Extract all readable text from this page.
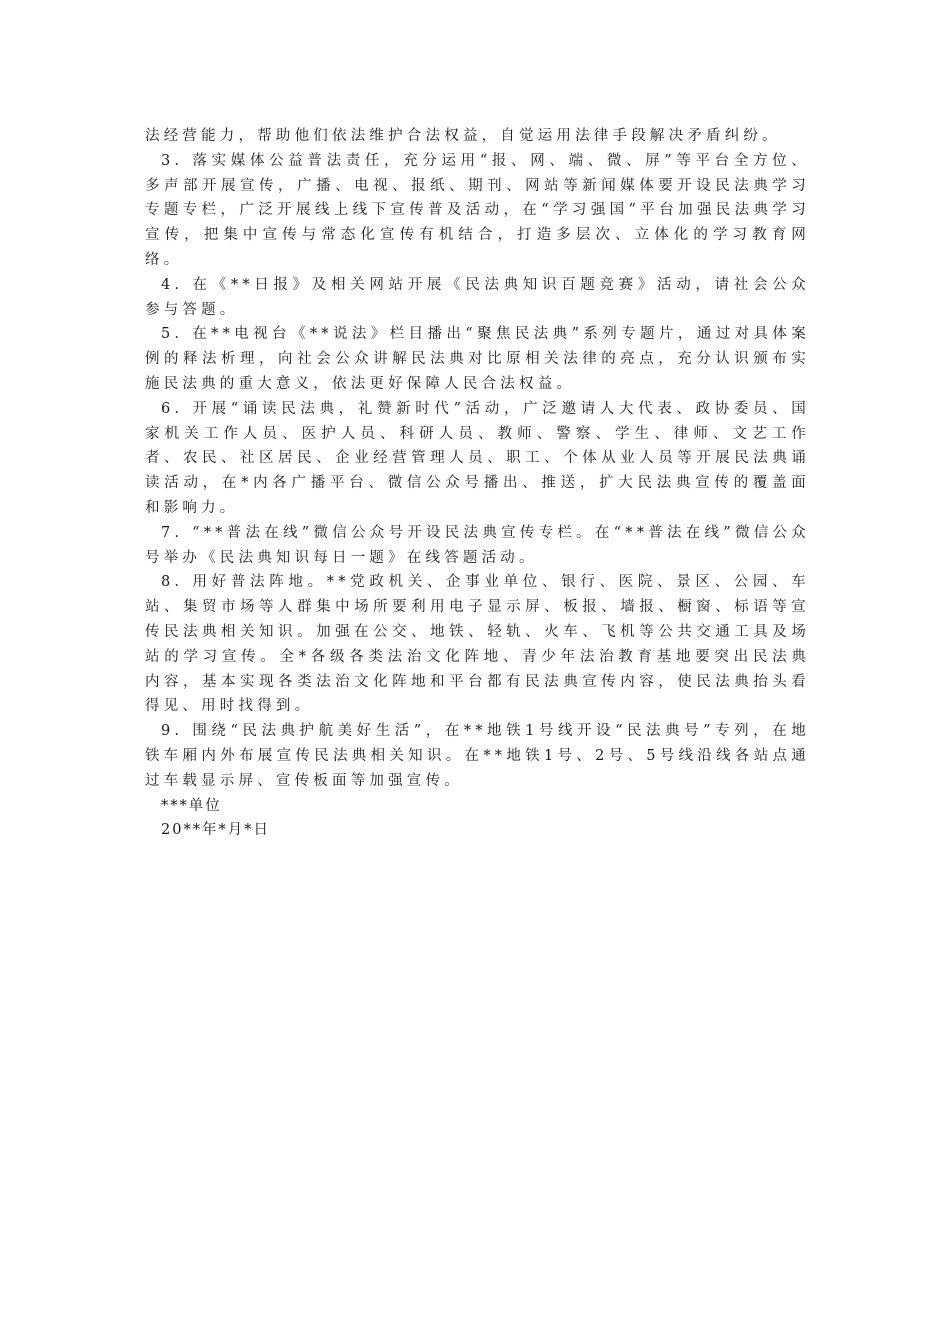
法经营能力，帮助他们依法维护合法权益，自觉运用法律手段解决矛盾纠纷。

3. 落实媒体公益普法责任，充分运用“报、网、端、微、屏”等平台全方位、多声部开展宣传，广播、电视、报纸、期刊、网站等新闻媒体要开设民法典学习专题专栏，广泛开展线上线下宣传普及活动，在“学习强国”平台加强民法典学习宣传，把集中宣传与常态化宣传有机结合，打造多层次、立体化的学习教育网络。

4. 在《**日报》及相关网站开展《民法典知识百题竞赛》活动，请社会公众参与答题。

5. 在**电视台《**说法》栏目播出“聚焦民法典”系列专题片，通过对具体案例的释法析理，向社会公众讲解民法典对比原相关法律的亮点，充分认识颁布实施民法典的重大意义，依法更好保障人民合法权益。

6. 开展“诵读民法典，礼赞新时代”活动，广泛邀请人大代表、政协委员、国家机关工作人员、医护人员、科研人员、教师、警察、学生、律师、文艺工作者、农民、社区居民、企业经营管理人员、职工、个体从业人员等开展民法典诵读活动，在*内各广播平台、微信公众号播出、推送，扩大民法典宣传的覆盖面和影响力。

7. “**普法在线”微信公众号开设民法典宣传专栏。在“**普法在线”微信公众号举办《民法典知识每日一题》在线答题活动。

8. 用好普法阵地。**党政机关、企事业单位、银行、医院、景区、公园、车站、集贸市场等人群集中场所要利用电子显示屏、板报、墙报、橱窗、标语等宣传民法典相关知识。加强在公交、地铁、轻轨、火车、飞机等公共交通工具及场站的学习宣传。全*各级各类法治文化阵地、青少年法治教育基地要突出民法典内容，基本实现各类法治文化阵地和平台都有民法典宣传内容，使民法典抬头看得见、用时找得到。

9. 围绕“民法典护航美好生活”，在**地铁1号线开设“民法典号”专列，在地铁车厢内外布展宣传民法典相关知识。在**地铁1号、2号、5号线沿线各站点通过车载显示屏、宣传板面等加强宣传。

***单位

20**年*月*日
